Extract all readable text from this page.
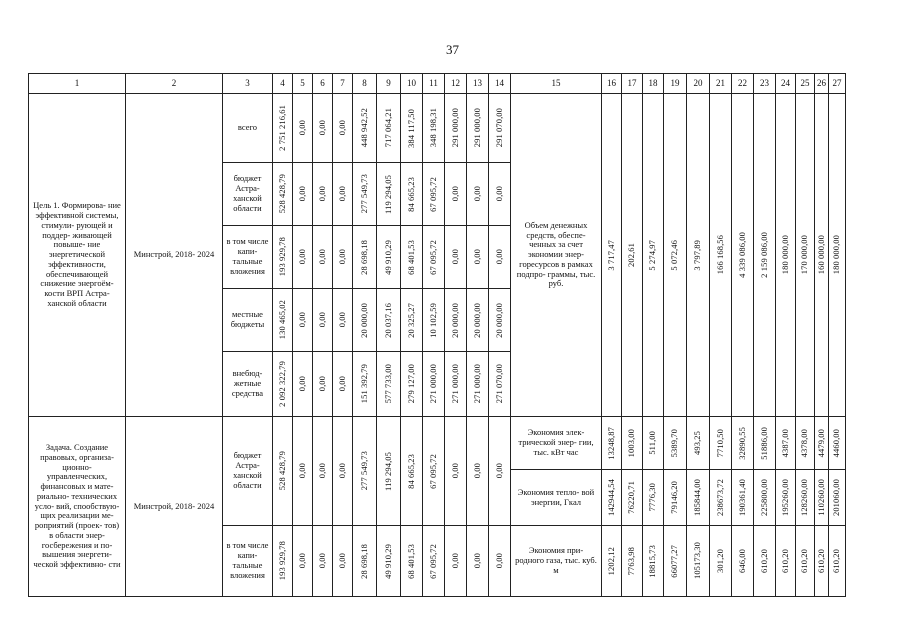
37
1	2	3	4	5	6	7	8	9	10	11	12	13	14	15	16	17	18	19	20	21	22	23	24	25	26	27
Цель 1. Формирова- ние эффективной системы, стимули- рующей и поддер- живающей повыше- ние энергетической эффективности, обеспечивающей снижение энергоём- кости ВРП Астра- ханской области	Минстрой, 2018- 2024	всего	2 751 216,61	0,00	0,00	0,00	448 942,52	717 064,21	384 117,50	348 198,31	291 000,00	291 000,00	291 070,00	Объем денежных средств, обеспе- ченных за счет экономии энер- горесурсов в рамках подпро- граммы, тыс. руб.	3 717,47	202,61	5 274,97	5 072,46	3 797,89	166 168,56	4 339 086,00	2 159 086,00	180 000,00	170 000,00	160 000,00	180 000,00

		бюджет Астра- ханской области	528 428,79	0,00	0,00	0,00	277 549,73	119 294,05	84 665,23	67 095,72	0,00	0,00	0,00													

		в том числе капи- тальные вложения	193 929,78	0,00	0,00	0,00	28 698,18	49 910,29	68 401,53	67 095,72	0,00	0,00	0,00													

		местные бюджеты	130 465,02	0,00	0,00	0,00	20 000,00	20 037,16	20 325,27	10 102,59	20 000,00	20 000,00	20 000,00													

		внебюд- жетные средства	2 092 322,79	0,00	0,00	0,00	151 392,79	577 733,00	279 127,00	271 000,00	271 000,00	271 000,00	271 070,00													

Задача. Создание правовых, организа- ционно- управленческих, финансовых и мате- риально- технических усло- вий, спообствую- щих реализации ме- роприятий (проек- тов) в области энер- госбережения и по- вышения энергети- ческой эффективно- сти	Минстрой, 2018- 2024	бюджет Астра- ханской области	528 428,79	0,00	0,00	0,00	277 549,73	119 294,05	84 665,23	67 095,72	0,00	0,00	0,00	Экономия элек- трической энер- гии, тыс. кВт час	13248,87	1003,00	511,00	5389,70	493,25	7710,50	32890,55	51886,00	4387,00	4378,00	4479,00	4460,00

														Экономия тепло- вой энергии, Гкал	142944,54	76220,71	7776,30	79146,20	185844,00	238673,72	190361,40	225800,00	195260,00	128260,00	110260,00	201060,00

		в том числе капи- тальные вложения	193 929,78	0,00	0,00	0,00	28 698,18	49 910,29	68 401,53	67 095,72	0,00	0,00	0,00	Экономия при- родного газа, тыс. куб. м	1202,12	7763,98	18815,73	66077,27	105173,30	301,20	646,00	610,20	610,20	610,20	610,20	610,20
